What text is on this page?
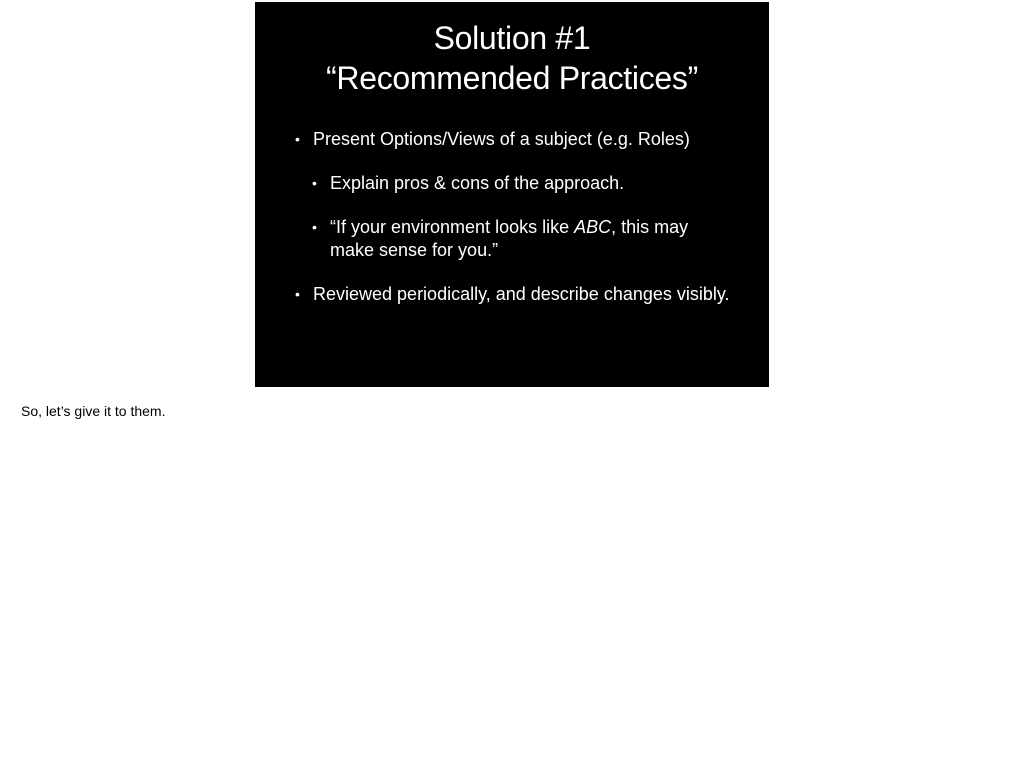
Solution #1
“Recommended Practices”
• Present Options/Views of a subject (e.g. Roles)
• Explain pros & cons of the approach.
• “If your environment looks like ABC, this may make sense for you.”
• Reviewed periodically, and describe changes visibly.
So, let’s give it to them.
